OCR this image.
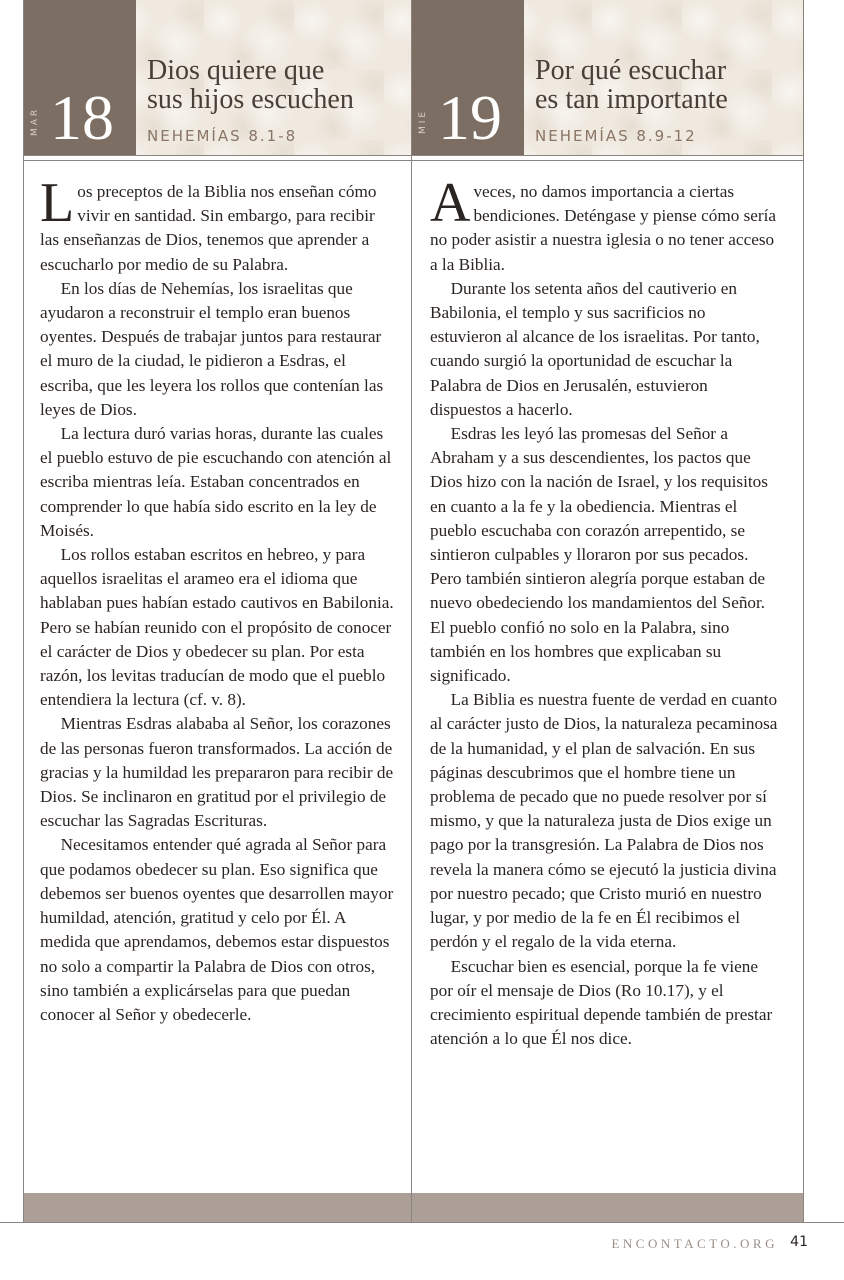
MAR 18
Dios quiere que
sus hijos escuchen
NEHEMÍAS 8.1-8

Los preceptos de la Biblia nos enseñan cómo vivir en santidad. Sin embargo, para recibir las enseñanzas de Dios, tenemos que aprender a escucharlo por medio de su Palabra.

En los días de Nehemías, los israelitas que ayudaron a reconstruir el templo eran buenos oyentes. Después de trabajar juntos para restaurar el muro de la ciudad, le pidieron a Esdras, el escriba, que les leyera los rollos que contenían las leyes de Dios.

La lectura duró varias horas, durante las cuales el pueblo estuvo de pie escuchando con atención al escriba mientras leía. Estaban concentrados en comprender lo que había sido escrito en la ley de Moisés.

Los rollos estaban escritos en hebreo, y para aquellos israelitas el arameo era el idioma que hablaban pues habían estado cautivos en Babilonia. Pero se habían reunido con el propósito de conocer el carácter de Dios y obedecer su plan. Por esta razón, los levitas traducían de modo que el pueblo entendiera la lectura (cf. v. 8).

Mientras Esdras alababa al Señor, los corazones de las personas fueron transformados. La acción de gracias y la humildad les prepararon para recibir de Dios. Se inclinaron en gratitud por el privilegio de escuchar las Sagradas Escrituras.

Necesitamos entender qué agrada al Señor para que podamos obedecer su plan. Eso significa que debemos ser buenos oyentes que desarrollen mayor humildad, atención, gratitud y celo por Él. A medida que aprendamos, debemos estar dispuestos no solo a compartir la Palabra de Dios con otros, sino también a explicárselas para que puedan conocer al Señor y obedecerle.

MIE 19
Por qué escuchar
es tan importante
NEHEMÍAS 8.9-12

Aveces, no damos importancia a ciertas bendiciones. Deténgase y piense cómo sería no poder asistir a nuestra iglesia o no tener acceso a la Biblia.

Durante los setenta años del cautiverio en Babilonia, el templo y sus sacrificios no estuvieron al alcance de los israelitas. Por tanto, cuando surgió la oportunidad de escuchar la Palabra de Dios en Jerusalén, estuvieron dispuestos a hacerlo.

Esdras les leyó las promesas del Señor a Abraham y a sus descendientes, los pactos que Dios hizo con la nación de Israel, y los requisitos en cuanto a la fe y la obediencia. Mientras el pueblo escuchaba con corazón arrepentido, se sintieron culpables y lloraron por sus pecados. Pero también sintieron alegría porque estaban de nuevo obedeciendo los mandamientos del Señor. El pueblo confió no solo en la Palabra, sino también en los hombres que explicaban su significado.

La Biblia es nuestra fuente de verdad en cuanto al carácter justo de Dios, la naturaleza pecaminosa de la humanidad, y el plan de salvación. En sus páginas descubrimos que el hombre tiene un problema de pecado que no puede resolver por sí mismo, y que la naturaleza justa de Dios exige un pago por la transgresión. La Palabra de Dios nos revela la manera cómo se ejecutó la justicia divina por nuestro pecado; que Cristo murió en nuestro lugar, y por medio de la fe en Él recibimos el perdón y el regalo de la vida eterna.

Escuchar bien es esencial, porque la fe viene por oír el mensaje de Dios (Ro 10.17), y el crecimiento espiritual depende también de prestar atención a lo que Él nos dice.

ENCONTACTO.ORG 41
